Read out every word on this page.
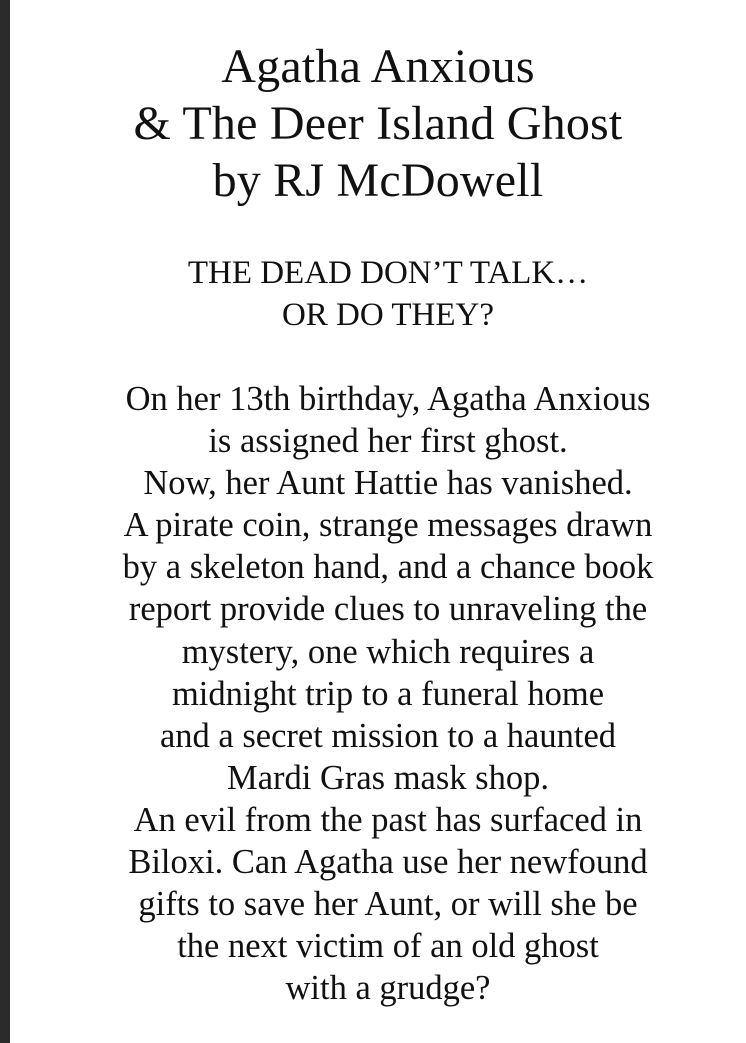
Agatha Anxious
& The Deer Island Ghost
by RJ McDowell
THE DEAD DON’T TALK…
OR DO THEY?
On her 13th birthday, Agatha Anxious
is assigned her first ghost.
Now, her Aunt Hattie has vanished.
A pirate coin, strange messages drawn
by a skeleton hand, and a chance book
report provide clues to unraveling the
mystery, one which requires a
midnight trip to a funeral home
and a secret mission to a haunted
Mardi Gras mask shop.
An evil from the past has surfaced in
Biloxi. Can Agatha use her newfound
gifts to save her Aunt, or will she be
the next victim of an old ghost
with a grudge?
